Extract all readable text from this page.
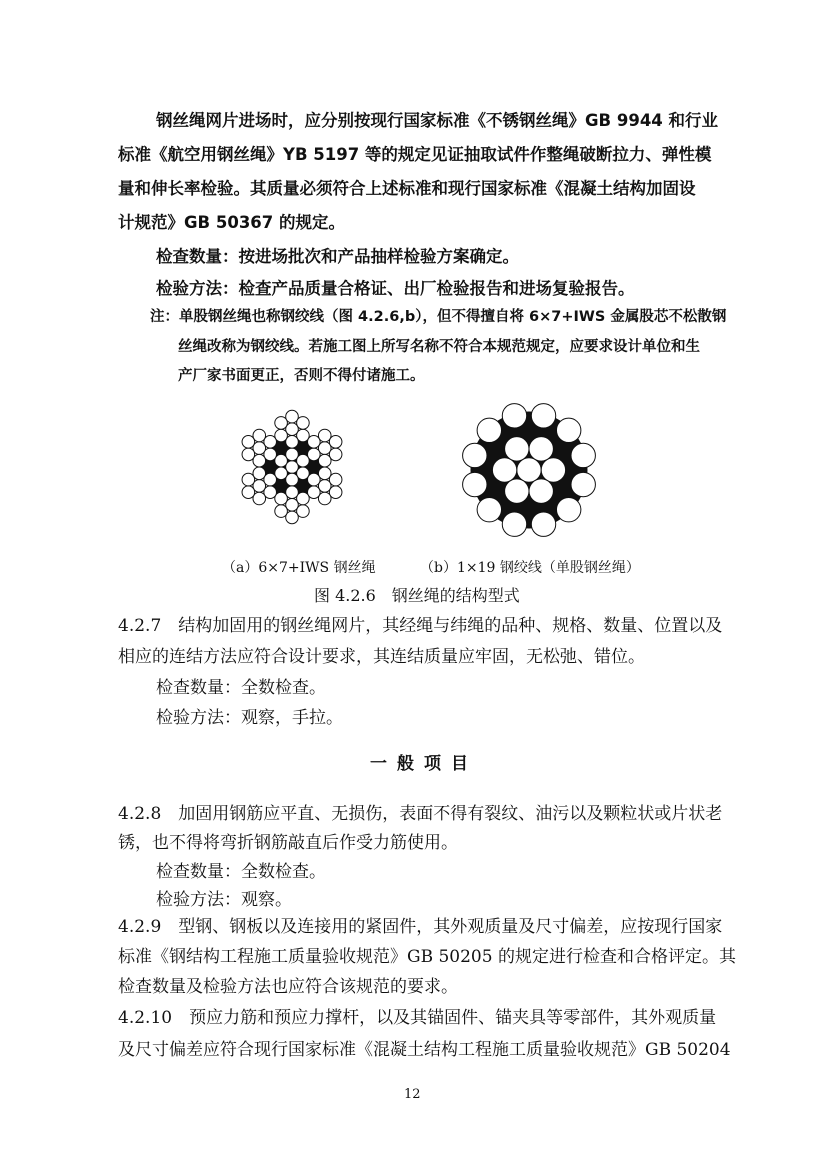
钢丝绳网片进场时，应分别按现行国家标准《不锈钢丝绳》GB 9944 和行业
标准《航空用钢丝绳》YB 5197 等的规定见证抽取试件作整绳破断拉力、弹性模
量和伸长率检验。其质量必须符合上述标准和现行国家标准《混凝土结构加固设
计规范》GB 50367 的规定。
检查数量：按进场批次和产品抽样检验方案确定。
检验方法：检查产品质量合格证、出厂检验报告和进场复验报告。
注：单股钢丝绳也称钢绞线（图 4.2.6,b），但不得擅自将 6×7+IWS 金属股芯不松散钢
丝绳改称为钢绞线。若施工图上所写名称不符合本规范规定，应要求设计单位和生
产厂家书面更正，否则不得付诸施工。
（a）6×7+IWS 钢丝绳	（b）1×19 钢绞线（单股钢丝绳）
图 4.2.6　钢丝绳的结构型式
4.2.7　结构加固用的钢丝绳网片，其经绳与纬绳的品种、规格、数量、位置以及
相应的连结方法应符合设计要求，其连结质量应牢固，无松弛、错位。
检查数量：全数检查。
检验方法：观察，手拉。
一般项目
4.2.8　加固用钢筋应平直、无损伤，表面不得有裂纹、油污以及颗粒状或片状老
锈，也不得将弯折钢筋敲直后作受力筋使用。
检查数量：全数检查。
检验方法：观察。
4.2.9　型钢、钢板以及连接用的紧固件，其外观质量及尺寸偏差，应按现行国家
标准《钢结构工程施工质量验收规范》GB 50205 的规定进行检查和合格评定。其
检查数量及检验方法也应符合该规范的要求。
4.2.10　预应力筋和预应力撑杆，以及其锚固件、锚夹具等零部件，其外观质量
及尺寸偏差应符合现行国家标准《混凝土结构工程施工质量验收规范》GB 50204
12
